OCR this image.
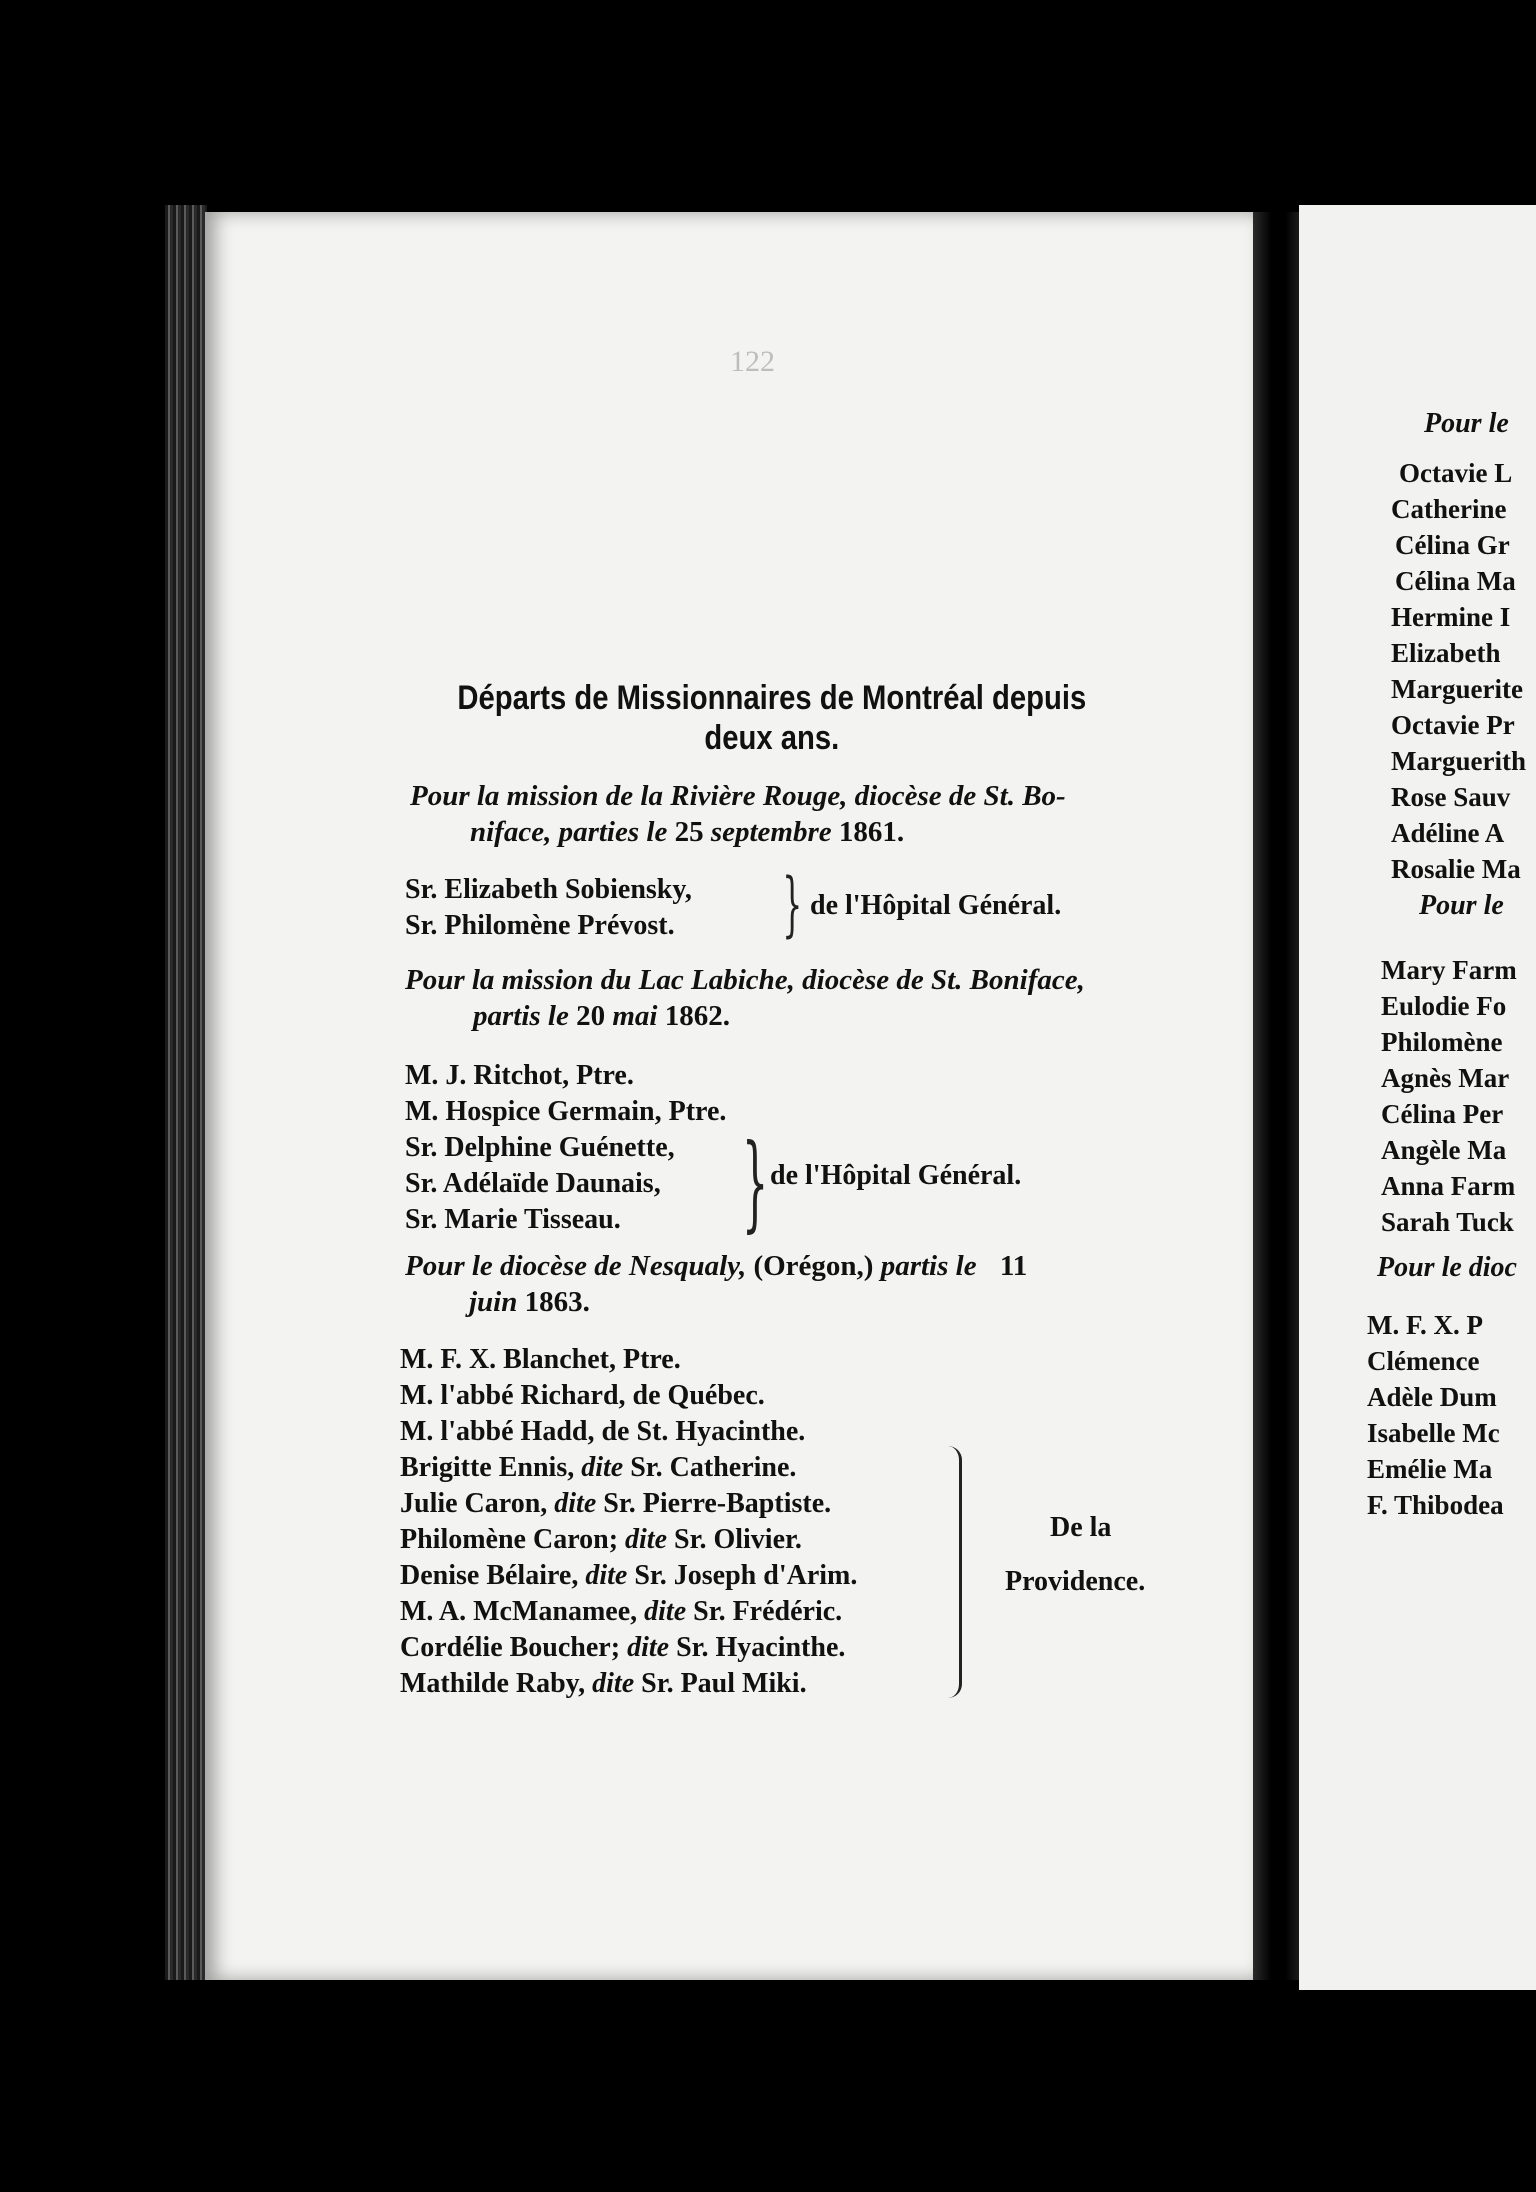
Pour le
Octavie L
Catherine
Célina Gr
Célina Ma
Hermine I
Elizabeth
Marguerite
Octavie Pr
Marguerith
Rose Sauv
Adéline A
Rosalie Ma
Pour le
Mary Farm
Eulodie Fo
Philomène
Agnès Mar
Célina Per
Angèle Ma
Anna Farm
Sarah Tuck
Pour le dioc
M. F. X. P
Clémence
Adèle Dum
Isabelle Mc
Emélie Ma
F. Thibodea
122
Départs de Missionnaires de Montréal depuis
deux ans.
Pour la mission de la Rivière Rouge, diocèse de St. Bo-
niface, parties le 25 septembre 1861.
Sr. Elizabeth Sobiensky,
Sr. Philomène Prévost. } de l'Hôpital Général.
Pour la mission du Lac Labiche, diocèse de St. Boniface,
partis le 20 mai 1862.
M. J. Ritchot, Ptre.
M. Hospice Germain, Ptre.
Sr. Delphine Guénette,
Sr. Adélaïde Daunais,
Sr. Marie Tisseau.	} de l'Hôpital Général.
Pour le diocèse de Nesqualy, (Orégon,) partis le 11
juin 1863.
M. F. X. Blanchet, Ptre.
M. l'abbé Richard, de Québec.
M. l'abbé Hadd, de St. Hyacinthe.
Brigitte Ennis, dite Sr. Catherine.
Julie Caron, dite Sr. Pierre-Baptiste.
Philomène Caron; dite Sr. Olivier.
Denise Bélaire, dite Sr. Joseph d'Arim.
M. A. McManamee, dite Sr. Frédéric.
Cordélie Boucher; dite Sr. Hyacinthe.
Mathilde Raby, dite Sr. Paul Miki.
De la
Providence.
